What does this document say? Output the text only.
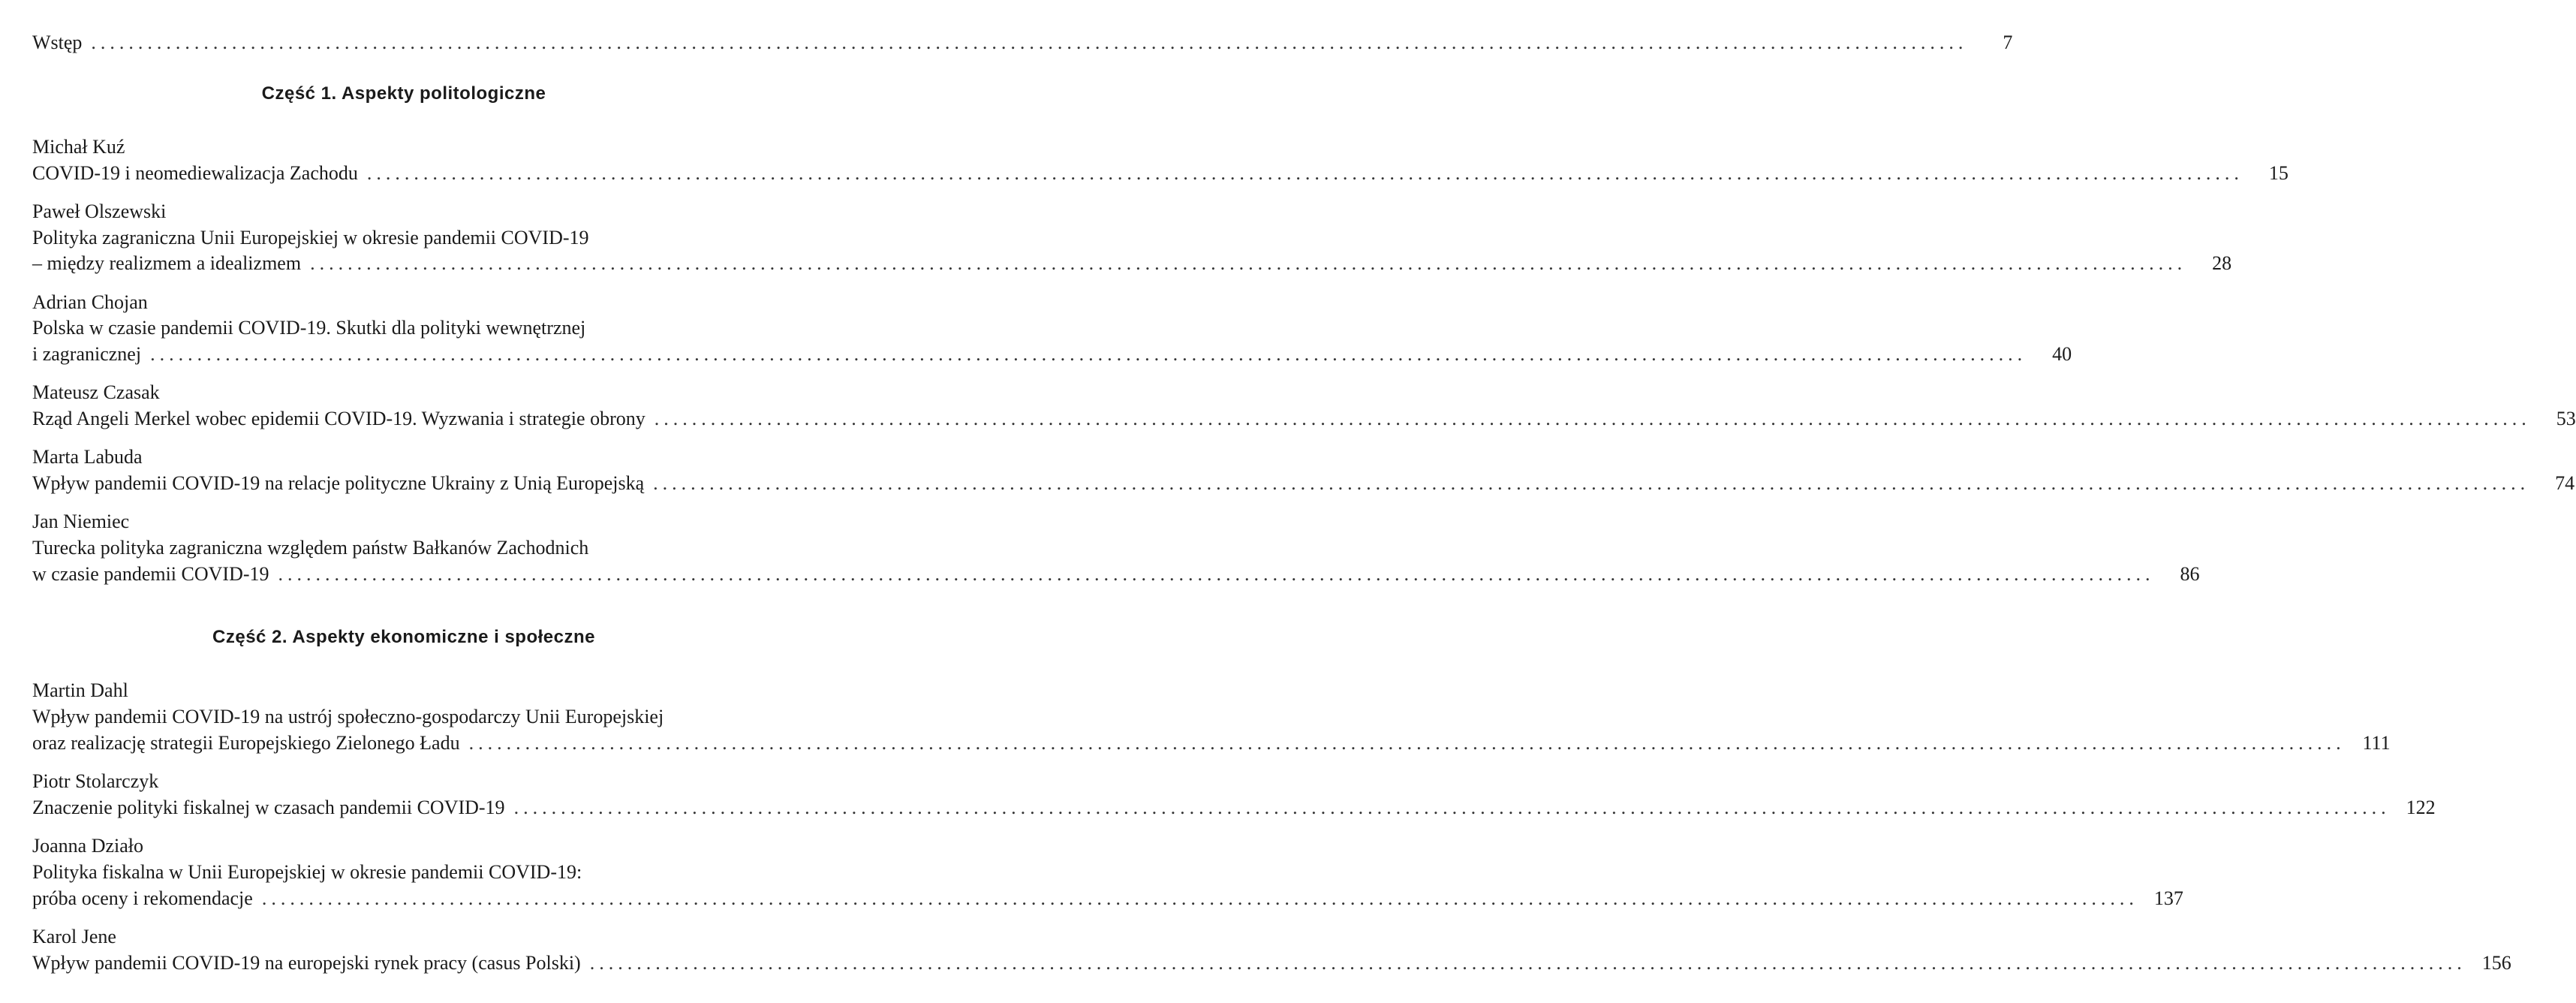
Wstęp ........................................................................................................................................................................................................	7
Część 1. Aspekty politologiczne
Michał Kuź
COVID-19 i neomediewalizacja Zachodu ........................................................................................................................................................................................................	15
Paweł Olszewski
Polityka zagraniczna Unii Europejskiej w okresie pandemii COVID-19
– między realizmem a idealizmem ........................................................................................................................................................................................................	28
Adrian Chojan
Polska w czasie pandemii COVID-19. Skutki dla polityki wewnętrznej
i zagranicznej ........................................................................................................................................................................................................	40
Mateusz Czasak
Rząd Angeli Merkel wobec epidemii COVID-19. Wyzwania i strategie obrony ........................................................................................................................................................................................................	53
Marta Labuda
Wpływ pandemii COVID-19 na relacje polityczne Ukrainy z Unią Europejską ........................................................................................................................................................................................................	74
Jan Niemiec
Turecka polityka zagraniczna względem państw Bałkanów Zachodnich
w czasie pandemii COVID-19 ........................................................................................................................................................................................................	86
Część 2. Aspekty ekonomiczne i społeczne
Martin Dahl
Wpływ pandemii COVID-19 na ustrój społeczno-gospodarczy Unii Europejskiej
oraz realizację strategii Europejskiego Zielonego Ładu ........................................................................................................................................................................................................ 111
Piotr Stolarczyk
Znaczenie polityki fiskalnej w czasach pandemii COVID-19 ........................................................................................................................................................................................................ 122
Joanna Działo
Polityka fiskalna w Unii Europejskiej w okresie pandemii COVID-19:
próba oceny i rekomendacje ........................................................................................................................................................................................................ 137
Karol Jene
Wpływ pandemii COVID-19 na europejski rynek pracy (casus Polski) ........................................................................................................................................................................................................ 156
